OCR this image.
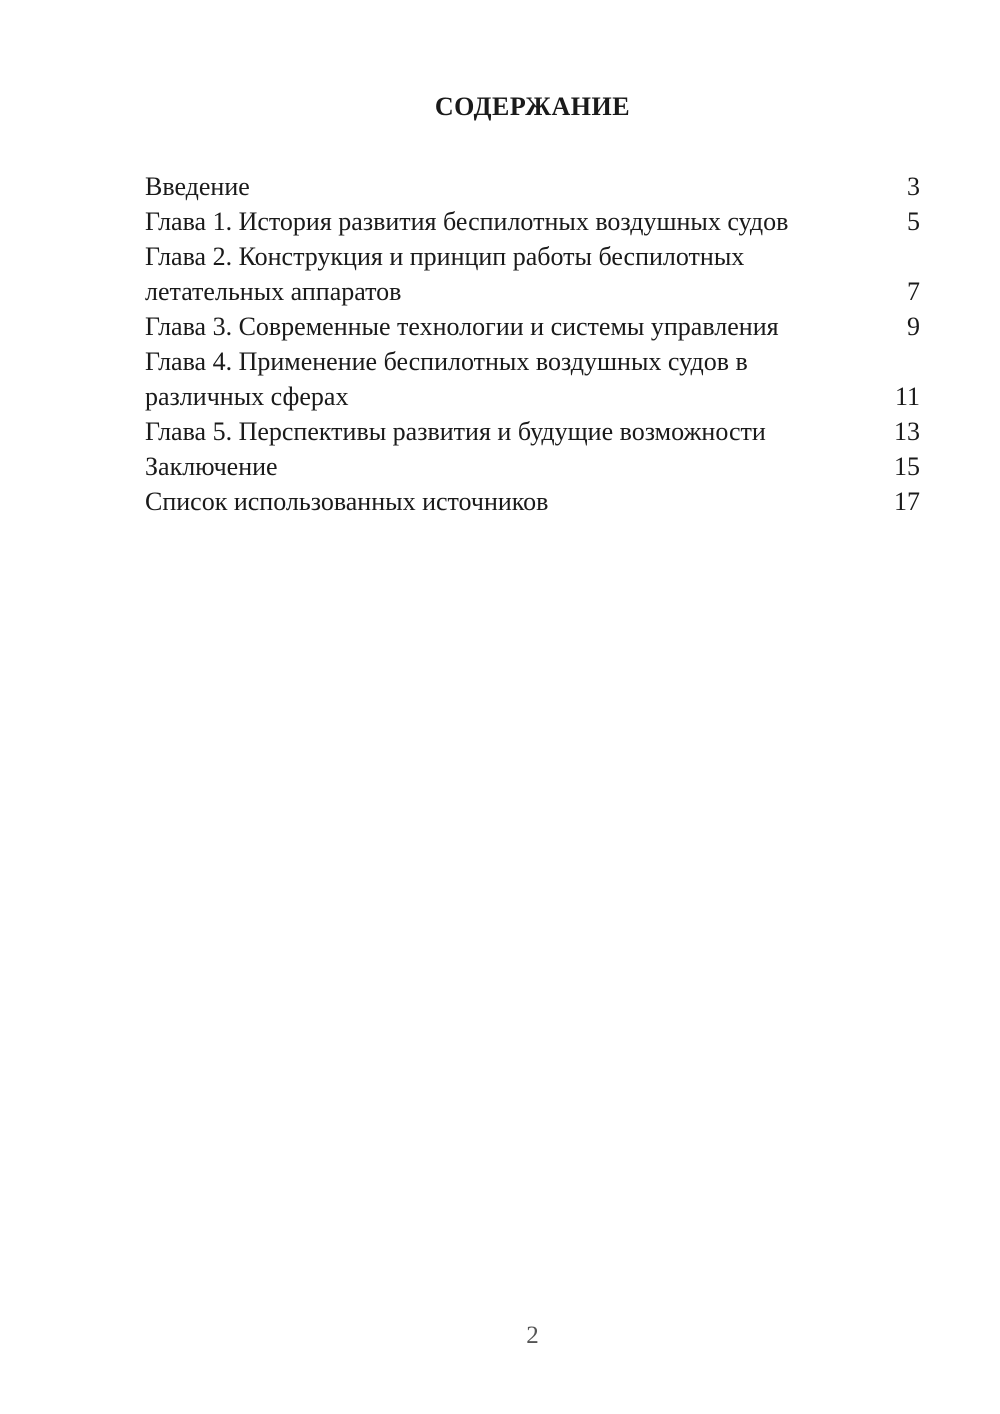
СОДЕРЖАНИЕ
Введение	3
Глава 1. История развития беспилотных воздушных судов	5
Глава 2. Конструкция и принцип работы беспилотных
летательных аппаратов	7
Глава 3. Современные технологии и системы управления	9
Глава 4. Применение беспилотных воздушных судов в
различных сферах	11
Глава 5. Перспективы развития и будущие возможности	13
Заключение	15
Список использованных источников	17
2
